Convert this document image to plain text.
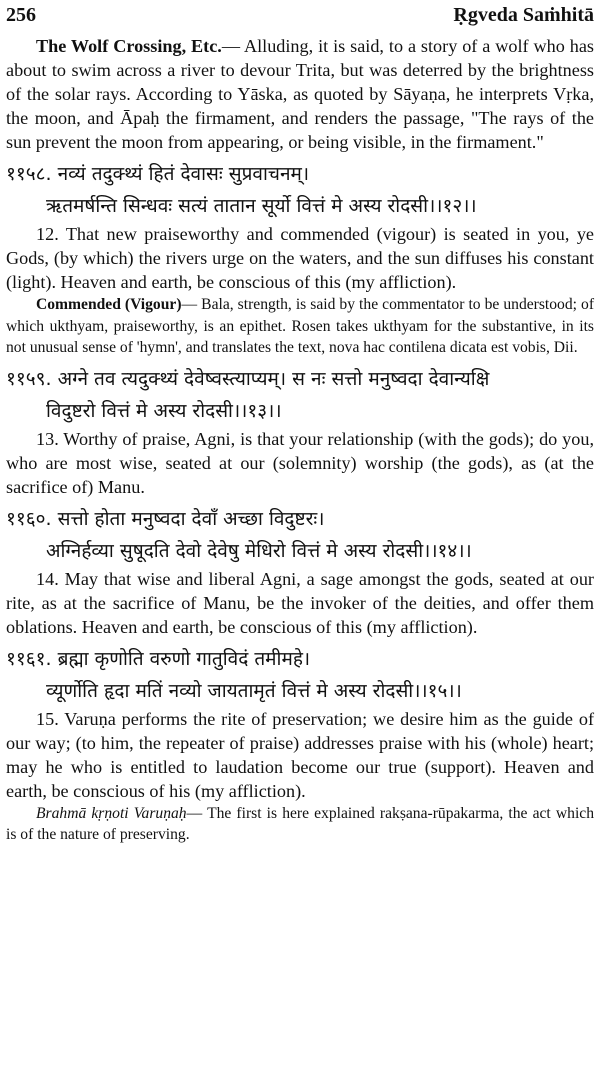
256	Ṛgveda Saṁhitā

The Wolf Crossing, Etc.— Alluding, it is said, to a story of a wolf who has about to swim across a river to devour Trita, but was deterred by the brightness of the solar rays. According to Yāska, as quoted by Sāyaṇa, he interprets Vṛka, the moon, and Āpaḥ the firmament, and renders the passage, "The rays of the sun prevent the moon from appearing, or being visible, in the firmament."

११५८. नव्यं तदुक्थ्यं हितं देवासः सुप्रवाचनम्।

ऋतमर्षन्ति सिन्धवः सत्यं तातान सूर्यो वित्तं मे अस्य रोदसी।।१२।।

12. That new praiseworthy and commended (vigour) is seated in you, ye Gods, (by which) the rivers urge on the waters, and the sun diffuses his constant (light). Heaven and earth, be conscious of this (my affliction).

Commended (Vigour)— Bala, strength, is said by the commentator to be understood; of which ukthyam, praiseworthy, is an epithet. Rosen takes ukthyam for the substantive, in its not unusual sense of 'hymn', and translates the text, nova hac contilena dicata est vobis, Dii.

११५९. अग्ने तव त्यदुक्थ्यं देवेष्वस्त्याप्यम्। स नः सत्तो मनुष्वदा देवान्यक्षि

विदुष्टरो वित्तं मे अस्य रोदसी।।१३।।

13. Worthy of praise, Agni, is that your relationship (with the gods); do you, who are most wise, seated at our (solemnity) worship (the gods), as (at the sacrifice of) Manu.

११६०. सत्तो होता मनुष्वदा देवाँ अच्छा विदुष्टरः।

अग्निर्हव्या सुषूदति देवो देवेषु मेधिरो वित्तं मे अस्य रोदसी।।१४।।

14. May that wise and liberal Agni, a sage amongst the gods, seated at our rite, as at the sacrifice of Manu, be the invoker of the deities, and offer them oblations. Heaven and earth, be conscious of this (my affliction).

११६१. ब्रह्मा कृणोति वरुणो गातुविदं तमीमहे।

व्यूर्णोति हृदा मतिं नव्यो जायतामृतं वित्तं मे अस्य रोदसी।।१५।।

15. Varuṇa performs the rite of preservation; we desire him as the guide of our way; (to him, the repeater of praise) addresses praise with his (whole) heart; may he who is entitled to laudation become our true (support). Heaven and earth, be conscious of his (my affliction).

Brahmā kṛṇoti Varuṇaḥ— The first is here explained rakṣana-rūpakarma, the act which is of the nature of preserving.
